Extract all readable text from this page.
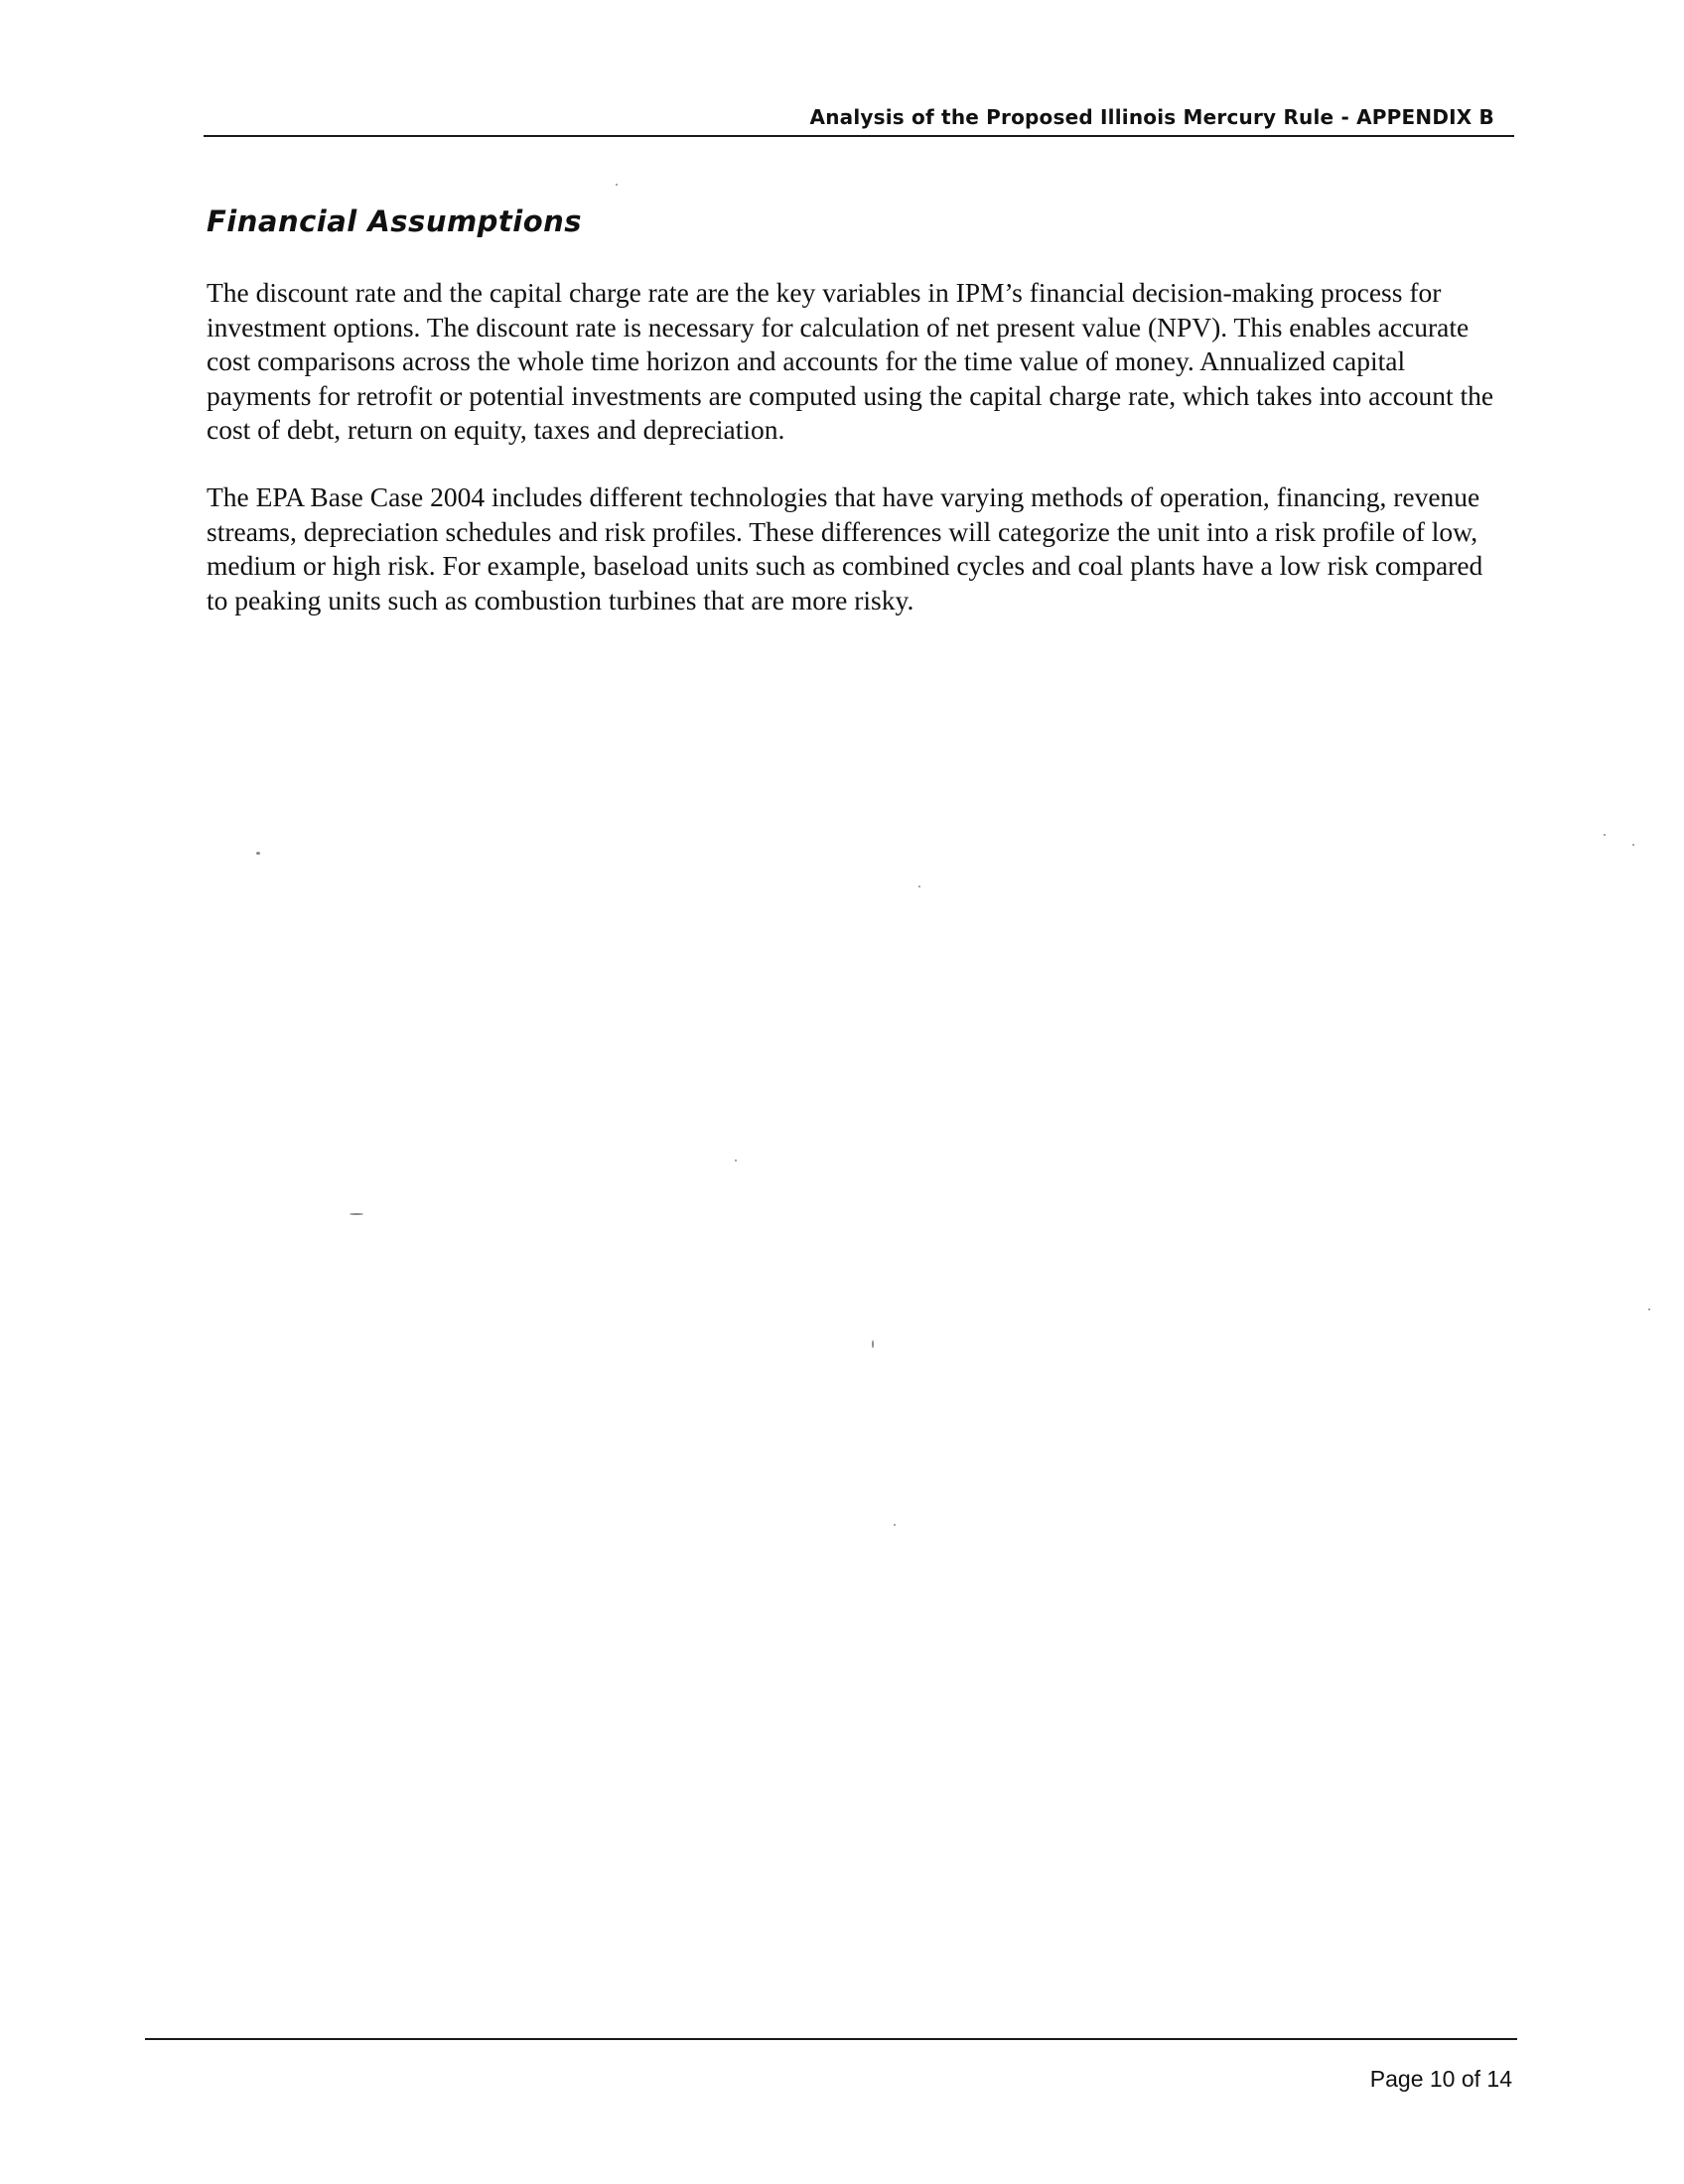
Analysis of the Proposed Illinois Mercury Rule - APPENDIX B
Financial Assumptions

The discount rate and the capital charge rate are the key variables in IPM’s financial decision-making process for investment options. The discount rate is necessary for calculation of net present value (NPV). This enables accurate cost comparisons across the whole time horizon and accounts for the time value of money. Annualized capital payments for retrofit or potential investments are computed using the capital charge rate, which takes into account the cost of debt, return on equity, taxes and depreciation.

The EPA Base Case 2004 includes different technologies that have varying methods of operation, financing, revenue streams, depreciation schedules and risk profiles. These differences will categorize the unit into a risk profile of low, medium or high risk. For example, baseload units such as combined cycles and coal plants have a low risk compared to peaking units such as combustion turbines that are more risky.

Page 10 of 14
